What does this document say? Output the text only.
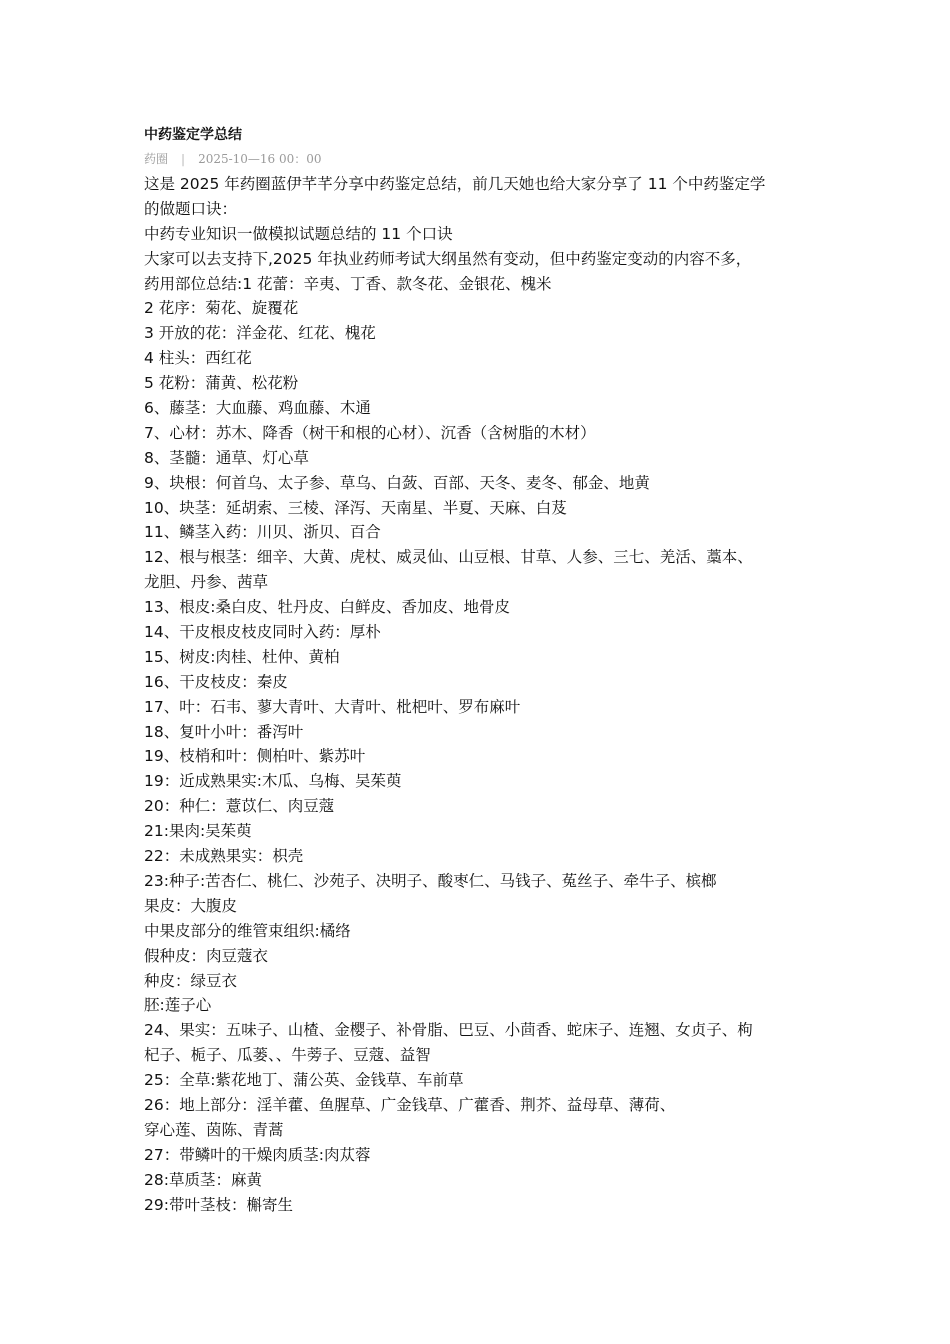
中药鉴定学总结
药圈 | 2025-10—16 00：00
这是 2025 年药圈蓝伊芊芊分享中药鉴定总结，前几天她也给大家分享了 11 个中药鉴定学
的做题口诀：
中药专业知识一做模拟试题总结的 11 个口诀
大家可以去支持下,2025 年执业药师考试大纲虽然有变动，但中药鉴定变动的内容不多，
药用部位总结:1 花蕾：辛夷、丁香、款冬花、金银花、槐米
2 花序：菊花、旋覆花
3 开放的花：洋金花、红花、槐花
4 柱头：西红花
5 花粉：蒲黄、松花粉
6、藤茎：大血藤、鸡血藤、木通
7、心材：苏木、降香（树干和根的心材）、沉香（含树脂的木材）
8、茎髓：通草、灯心草
9、块根：何首乌、太子参、草乌、白蔹、百部、天冬、麦冬、郁金、地黄
10、块茎：延胡索、三棱、泽泻、天南星、半夏、天麻、白芨
11、鳞茎入药：川贝、浙贝、百合
12、根与根茎：细辛、大黄、虎杖、威灵仙、山豆根、甘草、人参、三七、羌活、藁本、
龙胆、丹参、茜草
13、根皮:桑白皮、牡丹皮、白鲜皮、香加皮、地骨皮
14、干皮根皮枝皮同时入药：厚朴
15、树皮:肉桂、杜仲、黄柏
16、干皮枝皮：秦皮
17、叶：石韦、蓼大青叶、大青叶、枇杷叶、罗布麻叶
18、复叶小叶：番泻叶
19、枝梢和叶：侧柏叶、紫苏叶
19：近成熟果实:木瓜、乌梅、吴茱萸
20：种仁：薏苡仁、肉豆蔻
21:果肉:吴茱萸
22：未成熟果实：枳壳
23:种子:苦杏仁、桃仁、沙苑子、决明子、酸枣仁、马钱子、菟丝子、牵牛子、槟榔
果皮：大腹皮
中果皮部分的维管束组织:橘络
假种皮：肉豆蔻衣
种皮：绿豆衣
胚:莲子心
24、果实：五味子、山楂、金樱子、补骨脂、巴豆、小茴香、蛇床子、连翘、女贞子、枸
杞子、栀子、瓜蒌、、牛蒡子、豆蔻、益智
25：全草:紫花地丁、蒲公英、金钱草、车前草
26：地上部分：淫羊藿、鱼腥草、广金钱草、广藿香、荆芥、益母草、薄荷、
穿心莲、茵陈、青蒿
27：带鳞叶的干燥肉质茎:肉苁蓉
28:草质茎：麻黄
29:带叶茎枝：槲寄生
